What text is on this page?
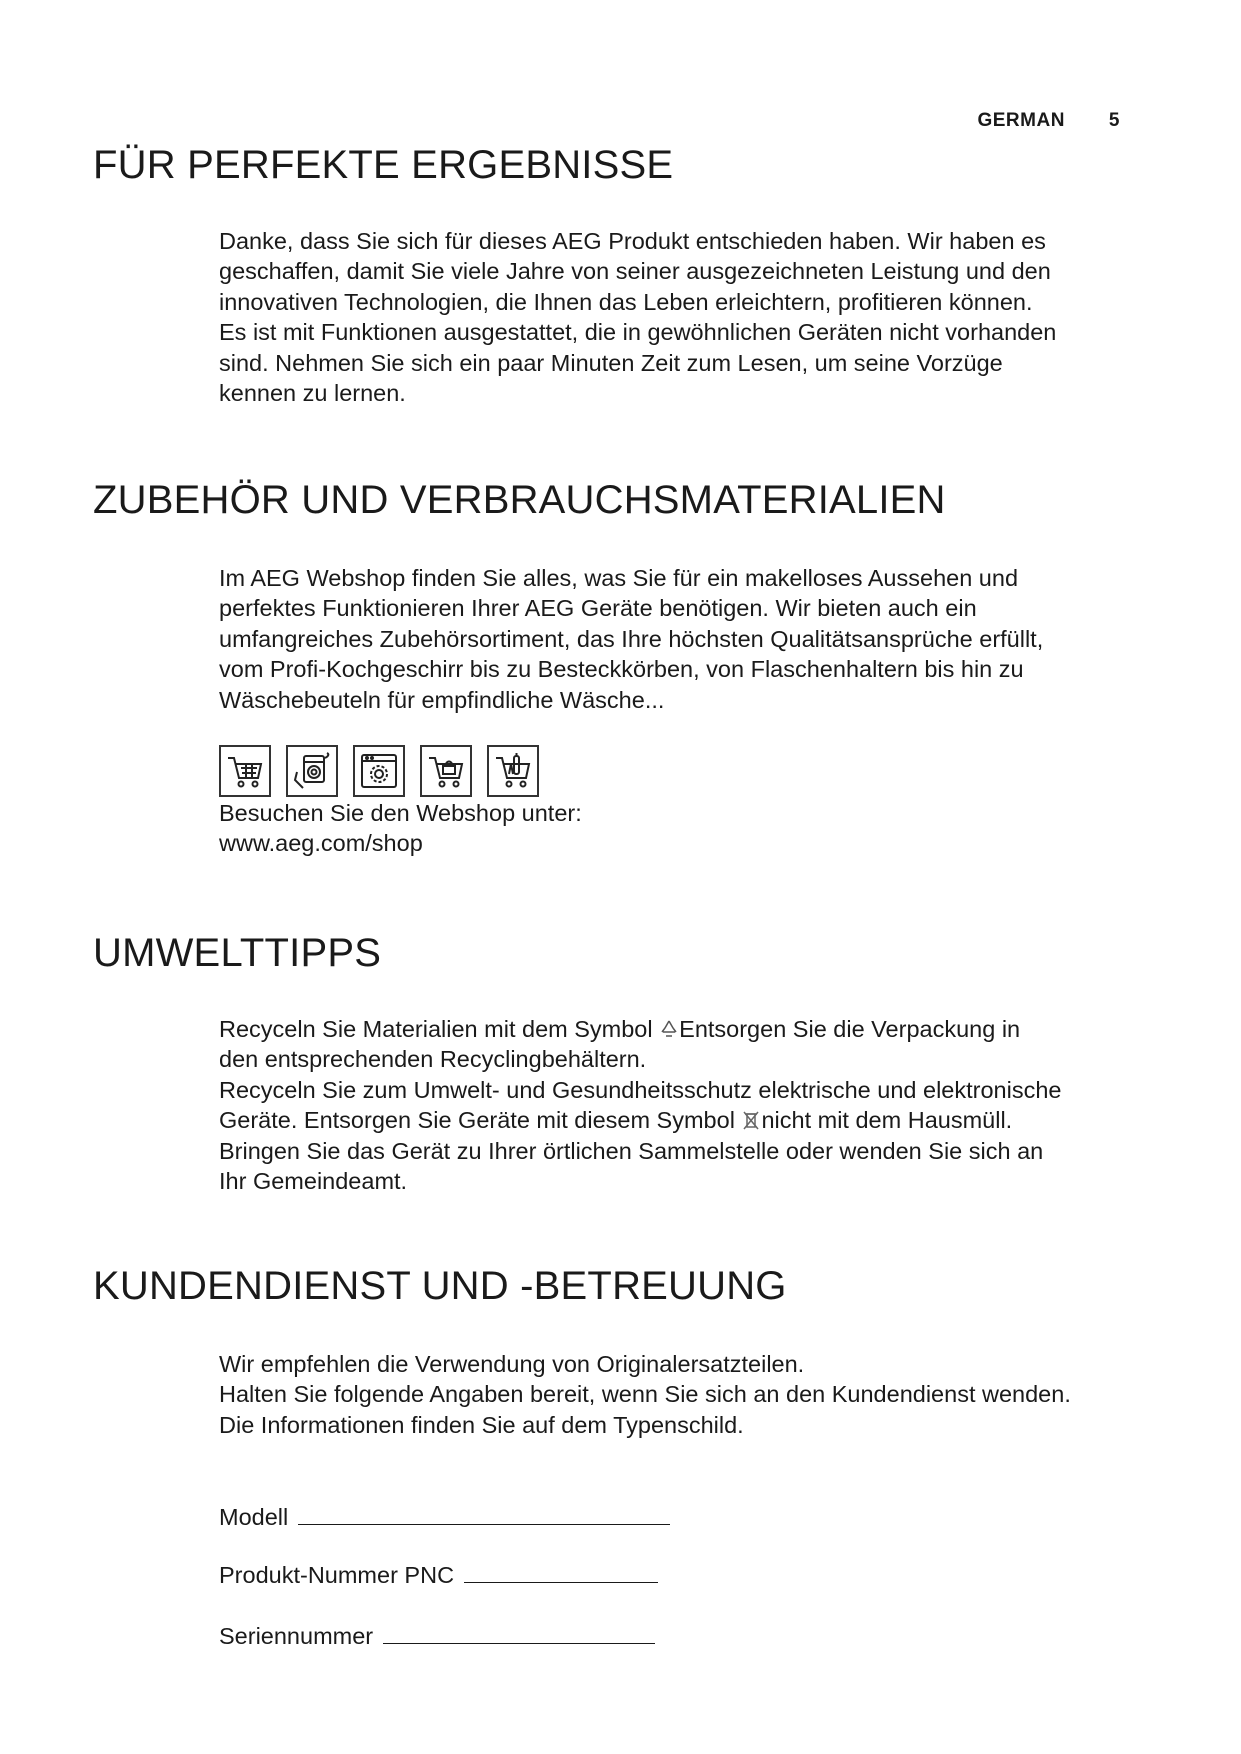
GERMAN 5
FÜR PERFEKTE ERGEBNISSE
Danke, dass Sie sich für dieses AEG Produkt entschieden haben. Wir haben es
geschaffen, damit Sie viele Jahre von seiner ausgezeichneten Leistung und den
innovativen Technologien, die Ihnen das Leben erleichtern, profitieren können.
Es ist mit Funktionen ausgestattet, die in gewöhnlichen Geräten nicht vorhanden
sind. Nehmen Sie sich ein paar Minuten Zeit zum Lesen, um seine Vorzüge
kennen zu lernen.
ZUBEHÖR UND VERBRAUCHSMATERIALIEN
Im AEG Webshop finden Sie alles, was Sie für ein makelloses Aussehen und
perfektes Funktionieren Ihrer AEG Geräte benötigen. Wir bieten auch ein
umfangreiches Zubehörsortiment, das Ihre höchsten Qualitätsansprüche erfüllt,
vom Profi-Kochgeschirr bis zu Besteckkörben, von Flaschenhaltern bis hin zu
Wäschebeuteln für empfindliche Wäsche...
Besuchen Sie den Webshop unter:
www.aeg.com/shop
UMWELTTIPPS
Recyceln Sie Materialien mit dem Symbol Entsorgen Sie die Verpackung in
den entsprechenden Recyclingbehältern.
Recyceln Sie zum Umwelt- und Gesundheitsschutz elektrische und elektronische
Geräte. Entsorgen Sie Geräte mit diesem Symbol nicht mit dem Hausmüll.
Bringen Sie das Gerät zu Ihrer örtlichen Sammelstelle oder wenden Sie sich an
Ihr Gemeindeamt.
KUNDENDIENST UND -BETREUUNG
Wir empfehlen die Verwendung von Originalersatzteilen.
Halten Sie folgende Angaben bereit, wenn Sie sich an den Kundendienst wenden.
Die Informationen finden Sie auf dem Typenschild.
Modell
Produkt-Nummer PNC
Seriennummer
